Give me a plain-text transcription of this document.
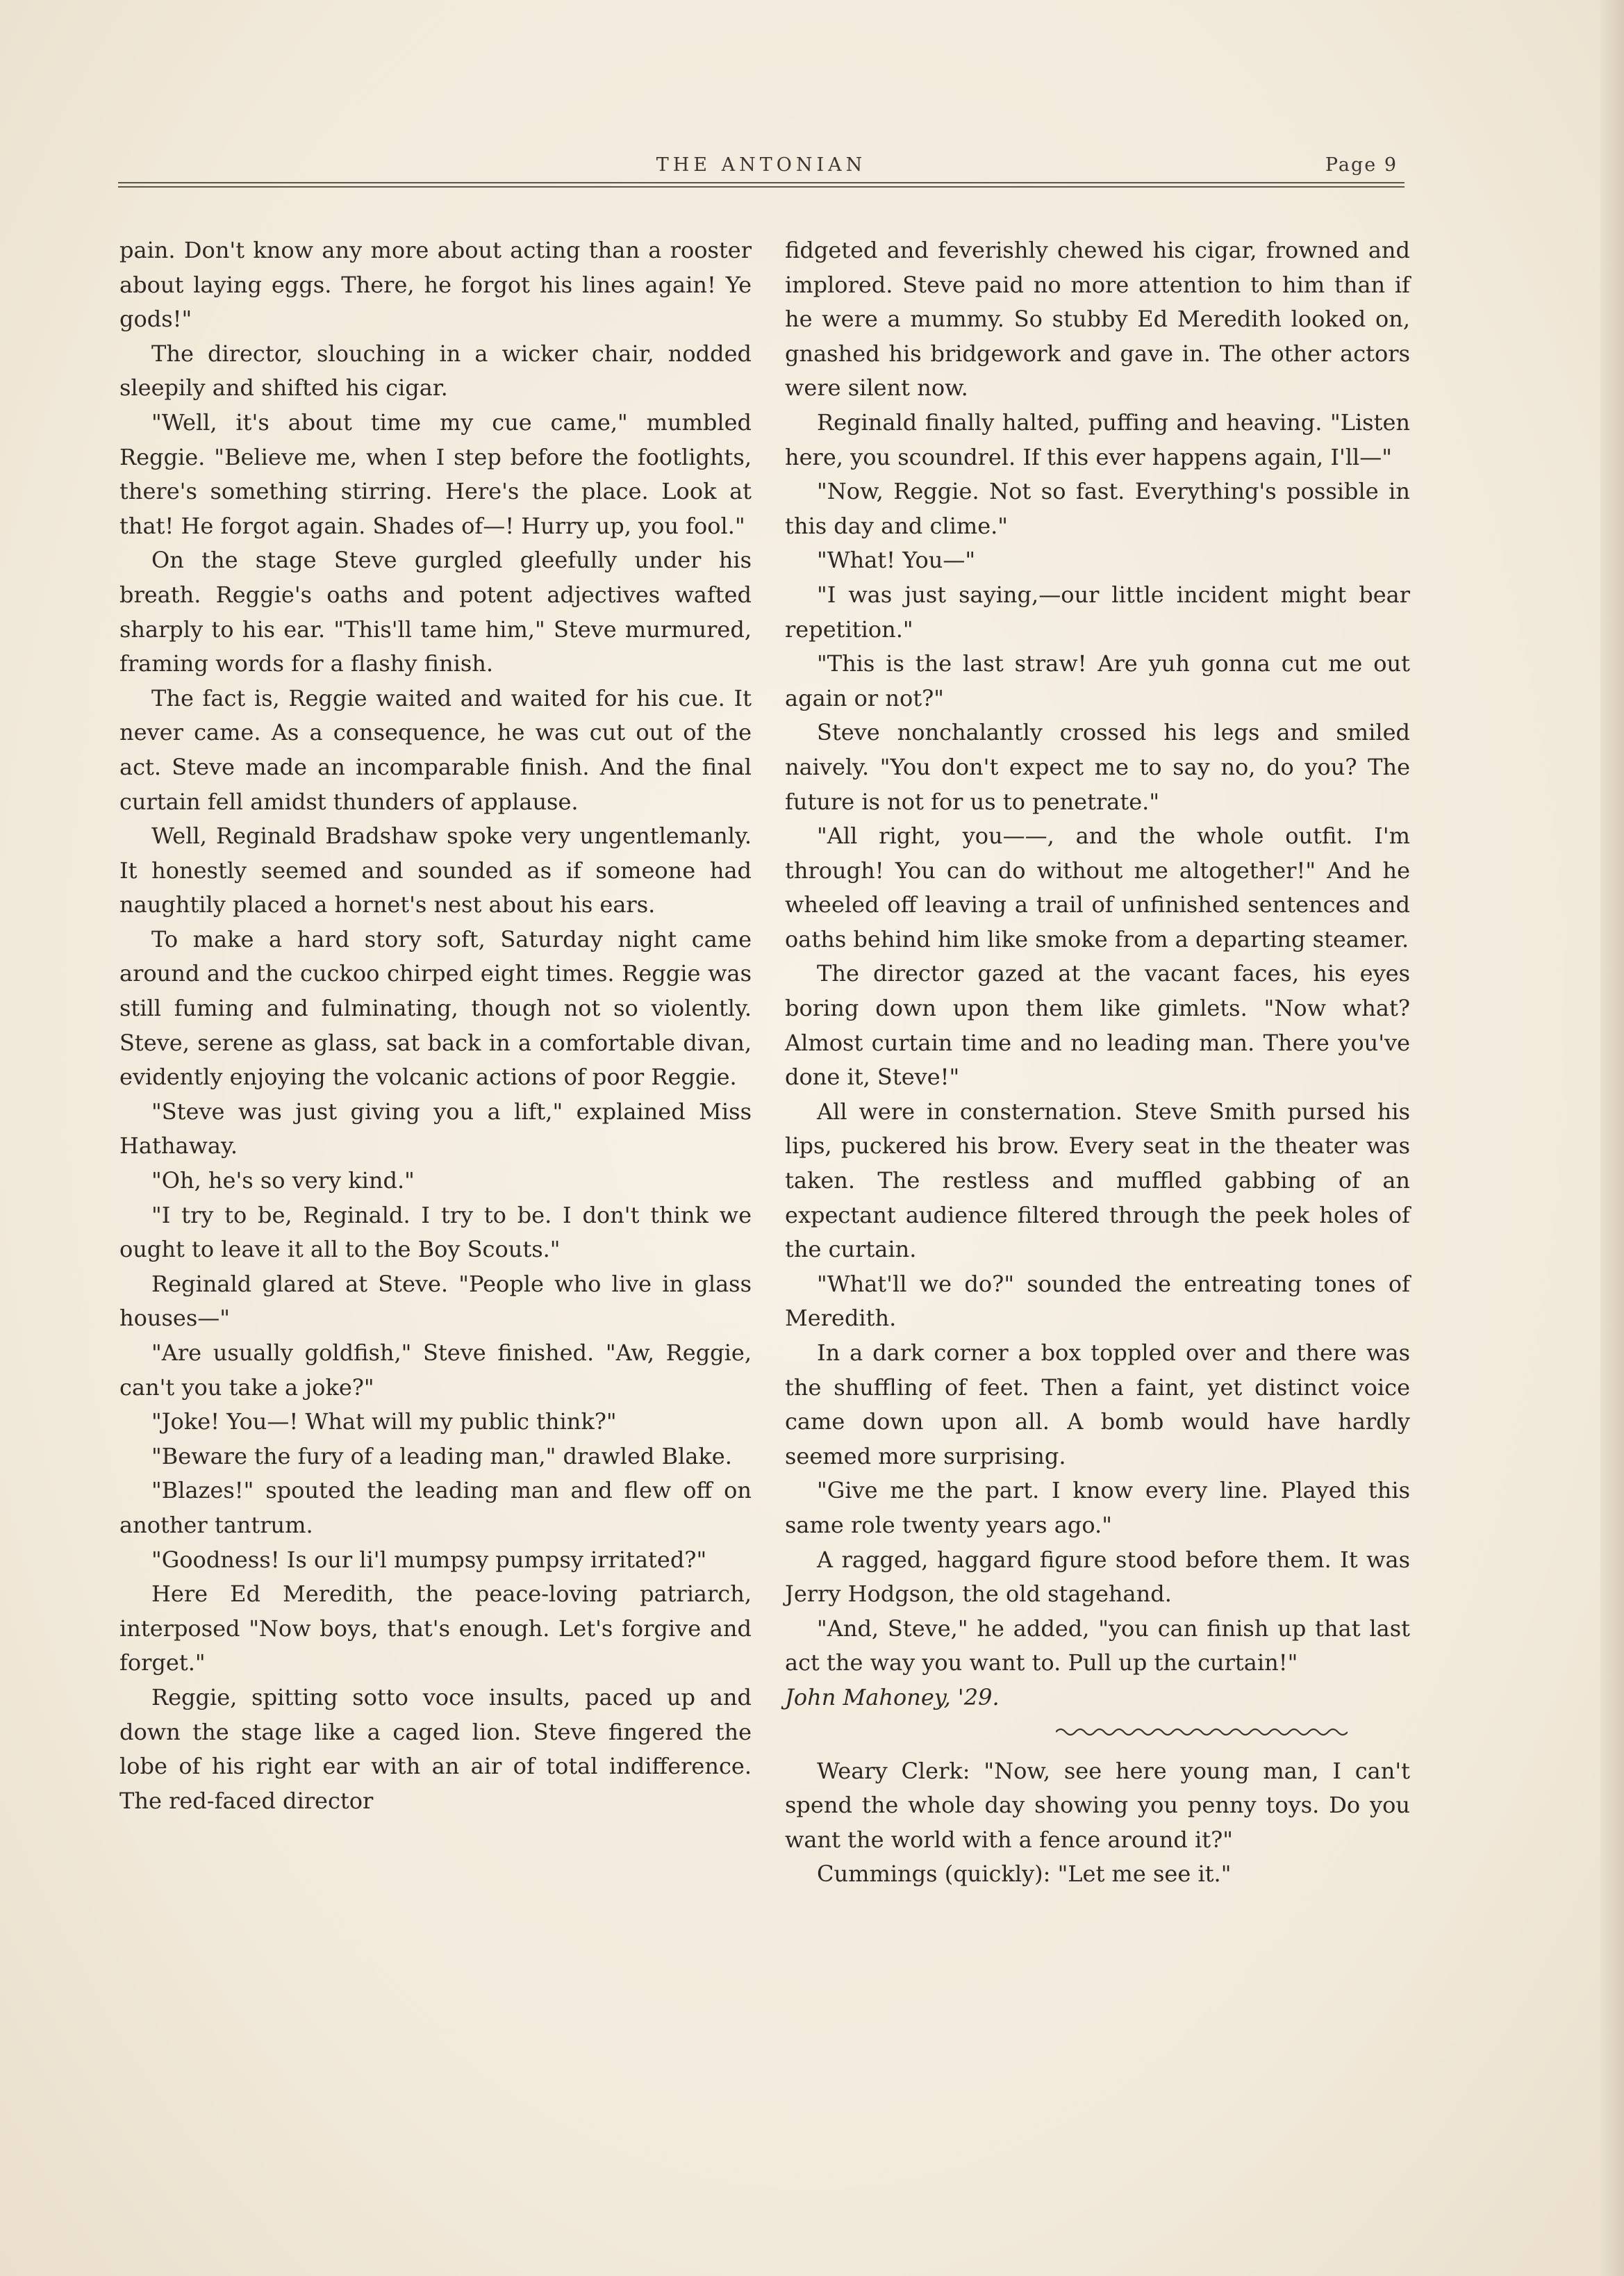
THE ANTONIAN	Page 9

pain. Don't know any more about acting than a rooster about laying eggs. There, he forgot his lines again! Ye gods!"

The director, slouching in a wicker chair, nodded sleepily and shifted his cigar.

"Well, it's about time my cue came," mumbled Reggie. "Believe me, when I step before the footlights, there's something stirring. Here's the place. Look at that! He forgot again. Shades of—! Hurry up, you fool."

On the stage Steve gurgled gleefully under his breath. Reggie's oaths and potent adjectives wafted sharply to his ear. "This'll tame him," Steve murmured, framing words for a flashy finish.

The fact is, Reggie waited and waited for his cue. It never came. As a consequence, he was cut out of the act. Steve made an incomparable finish. And the final curtain fell amidst thunders of applause.

Well, Reginald Bradshaw spoke very ungentlemanly. It honestly seemed and sounded as if someone had naughtily placed a hornet's nest about his ears.

To make a hard story soft, Saturday night came around and the cuckoo chirped eight times. Reggie was still fuming and fulminating, though not so violently. Steve, serene as glass, sat back in a comfortable divan, evidently enjoying the volcanic actions of poor Reggie.

"Steve was just giving you a lift," explained Miss Hathaway.

"Oh, he's so very kind."

"I try to be, Reginald. I try to be. I don't think we ought to leave it all to the Boy Scouts."

Reginald glared at Steve. "People who live in glass houses—"

"Are usually goldfish," Steve finished. "Aw, Reggie, can't you take a joke?"

"Joke! You—! What will my public think?"

"Beware the fury of a leading man," drawled Blake.

"Blazes!" spouted the leading man and flew off on another tantrum.

"Goodness! Is our li'l mumpsy pumpsy irritated?"

Here Ed Meredith, the peace-loving patriarch, interposed "Now boys, that's enough. Let's forgive and forget."

Reggie, spitting sotto voce insults, paced up and down the stage like a caged lion. Steve fingered the lobe of his right ear with an air of total indifference. The red-faced director

fidgeted and feverishly chewed his cigar, frowned and implored. Steve paid no more attention to him than if he were a mummy. So stubby Ed Meredith looked on, gnashed his bridgework and gave in. The other actors were silent now.

Reginald finally halted, puffing and heaving. "Listen here, you scoundrel. If this ever happens again, I'll—"

"Now, Reggie. Not so fast. Everything's possible in this day and clime."

"What! You—"

"I was just saying,—our little incident might bear repetition."

"This is the last straw! Are yuh gonna cut me out again or not?"

Steve nonchalantly crossed his legs and smiled naively. "You don't expect me to say no, do you? The future is not for us to penetrate."

"All right, you——, and the whole outfit. I'm through! You can do without me altogether!" And he wheeled off leaving a trail of unfinished sentences and oaths behind him like smoke from a departing steamer.

The director gazed at the vacant faces, his eyes boring down upon them like gimlets. "Now what? Almost curtain time and no leading man. There you've done it, Steve!"

All were in consternation. Steve Smith pursed his lips, puckered his brow. Every seat in the theater was taken. The restless and muffled gabbing of an expectant audience filtered through the peek holes of the curtain.

"What'll we do?" sounded the entreating tones of Meredith.

In a dark corner a box toppled over and there was the shuffling of feet. Then a faint, yet distinct voice came down upon all. A bomb would have hardly seemed more surprising.

"Give me the part. I know every line. Played this same role twenty years ago."

A ragged, haggard figure stood before them. It was Jerry Hodgson, the old stagehand.

"And, Steve," he added, "you can finish up that last act the way you want to. Pull up the curtain!"

John Mahoney, '29.

Weary Clerk: "Now, see here young man, I can't spend the whole day showing you penny toys. Do you want the world with a fence around it?"

Cummings (quickly): "Let me see it."
